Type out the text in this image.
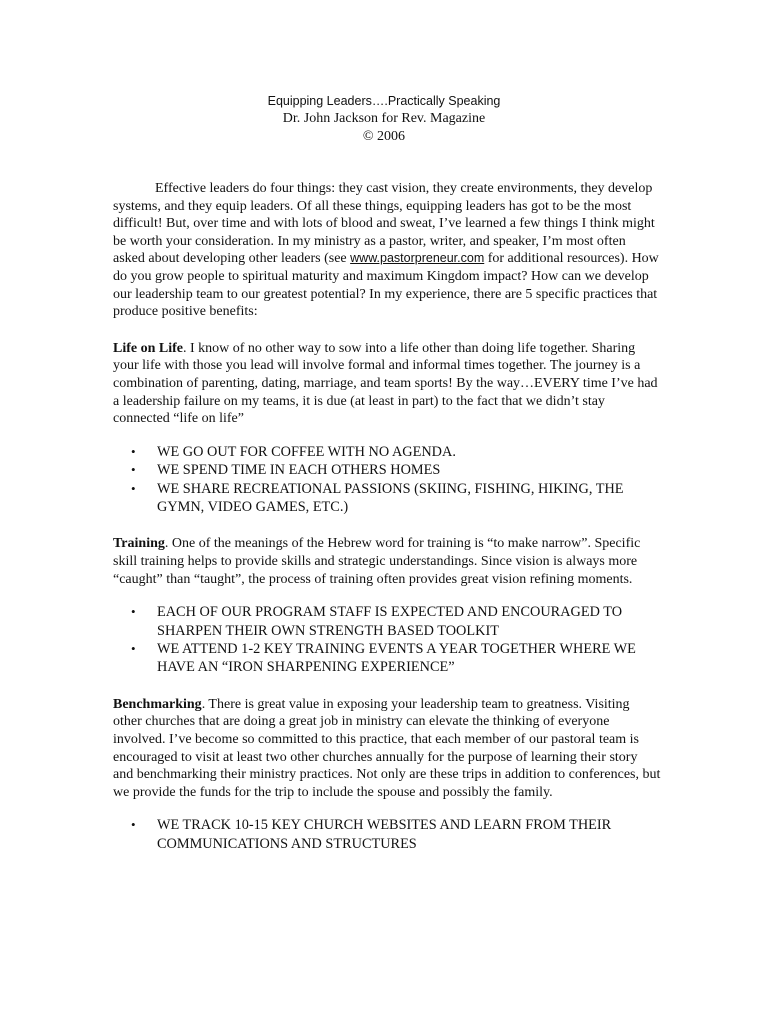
Equipping Leaders….Practically Speaking
Dr. John Jackson for Rev. Magazine
© 2006

Effective leaders do four things: they cast vision, they create environments, they develop systems, and they equip leaders. Of all these things, equipping leaders has got to be the most difficult! But, over time and with lots of blood and sweat, I’ve learned a few things I think might be worth your consideration. In my ministry as a pastor, writer, and speaker, I’m most often asked about developing other leaders (see www.pastorpreneur.com for additional resources). How do you grow people to spiritual maturity and maximum Kingdom impact? How can we develop our leadership team to our greatest potential? In my experience, there are 5 specific practices that produce positive benefits:

Life on Life. I know of no other way to sow into a life other than doing life together. Sharing your life with those you lead will involve formal and informal times together. The journey is a combination of parenting, dating, marriage, and team sports! By the way…EVERY time I’ve had a leadership failure on my teams, it is due (at least in part) to the fact that we didn’t stay connected “life on life”

• WE GO OUT FOR COFFEE WITH NO AGENDA.
• WE SPEND TIME IN EACH OTHERS HOMES
• WE SHARE RECREATIONAL PASSIONS (SKIING, FISHING, HIKING, THE GYMN, VIDEO GAMES, ETC.)

Training. One of the meanings of the Hebrew word for training is “to make narrow”. Specific skill training helps to provide skills and strategic understandings. Since vision is always more “caught” than “taught”, the process of training often provides great vision refining moments.

• EACH OF OUR PROGRAM STAFF IS EXPECTED AND ENCOURAGED TO SHARPEN THEIR OWN STRENGTH BASED TOOLKIT
• WE ATTEND 1-2 KEY TRAINING EVENTS A YEAR TOGETHER WHERE WE HAVE AN “IRON SHARPENING EXPERIENCE”

Benchmarking. There is great value in exposing your leadership team to greatness. Visiting other churches that are doing a great job in ministry can elevate the thinking of everyone involved. I’ve become so committed to this practice, that each member of our pastoral team is encouraged to visit at least two other churches annually for the purpose of learning their story and benchmarking their ministry practices. Not only are these trips in addition to conferences, but we provide the funds for the trip to include the spouse and possibly the family.

• WE TRACK 10-15 KEY CHURCH WEBSITES AND LEARN FROM THEIR COMMUNICATIONS AND STRUCTURES
